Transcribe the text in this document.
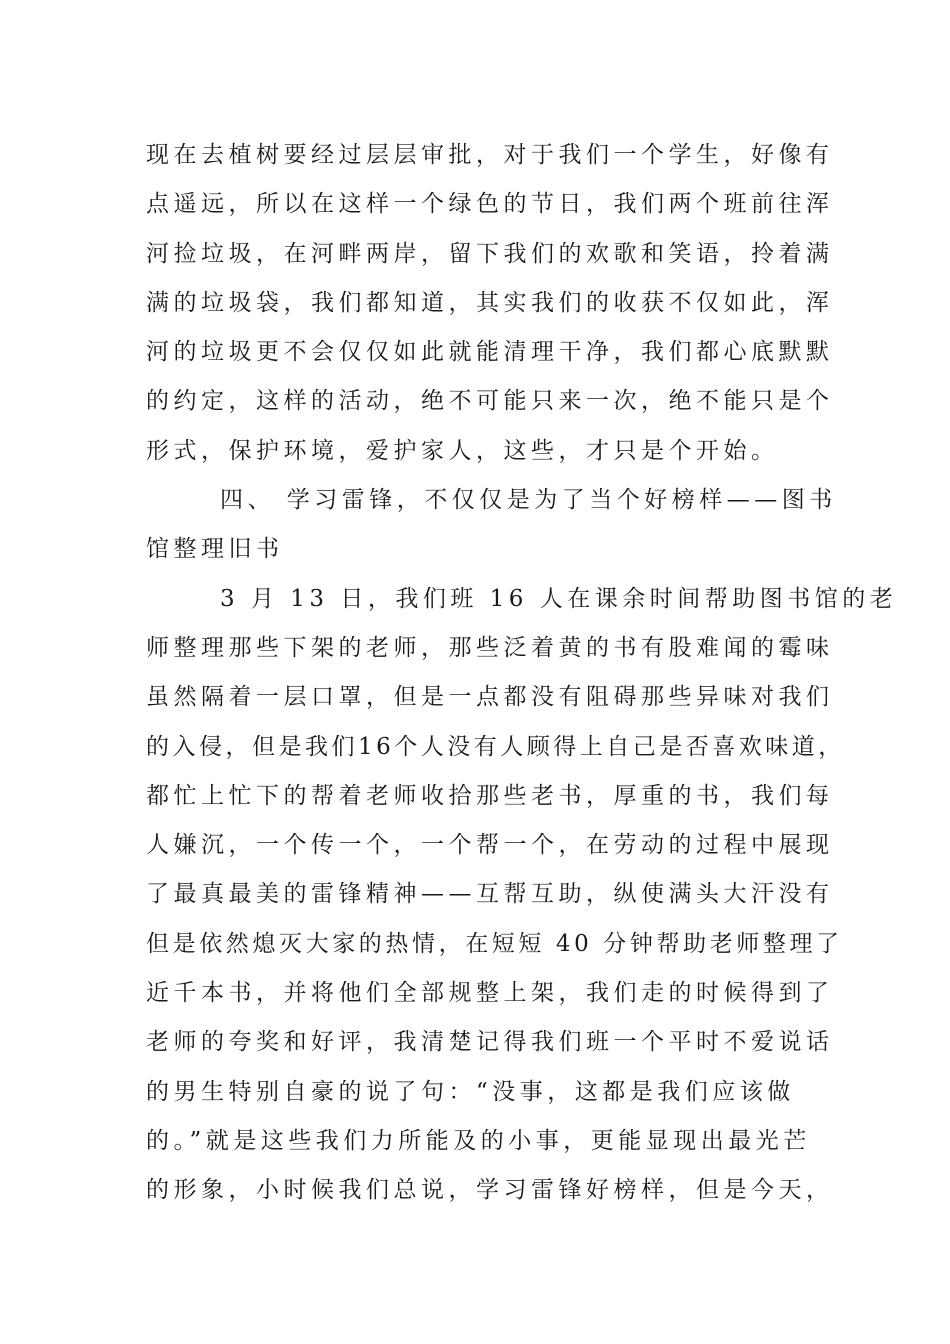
现在去植树要经过层层审批，对于我们一个学生，好像有
点遥远，所以在这样一个绿色的节日，我们两个班前往浑
河捡垃圾，在河畔两岸，留下我们的欢歌和笑语，拎着满
满的垃圾袋，我们都知道，其实我们的收获不仅如此，浑
河的垃圾更不会仅仅如此就能清理干净，我们都心底默默
的约定，这样的活动，绝不可能只来一次，绝不能只是个
形式，保护环境，爱护家人，这些，才只是个开始。
四、 学习雷锋，不仅仅是为了当个好榜样——图书
馆整理旧书
3 月 13 日，我们班 16 人在课余时间帮助图书馆的老
师整理那些下架的老师，那些泛着黄的书有股难闻的霉味
虽然隔着一层口罩，但是一点都没有阻碍那些异味对我们
的入侵，但是我们16个人没有人顾得上自己是否喜欢味道，
都忙上忙下的帮着老师收拾那些老书，厚重的书，我们每
人嫌沉，一个传一个，一个帮一个，在劳动的过程中展现
了最真最美的雷锋精神——互帮互助，纵使满头大汗没有
但是依然熄灭大家的热情，在短短 40 分钟帮助老师整理了
近千本书，并将他们全部规整上架，我们走的时候得到了
老师的夸奖和好评，我清楚记得我们班一个平时不爱说话
的男生特别自豪的说了句：“没事，这都是我们应该做
的。”就是这些我们力所能及的小事，更能显现出最光芒
的形象，小时候我们总说，学习雷锋好榜样，但是今天，
